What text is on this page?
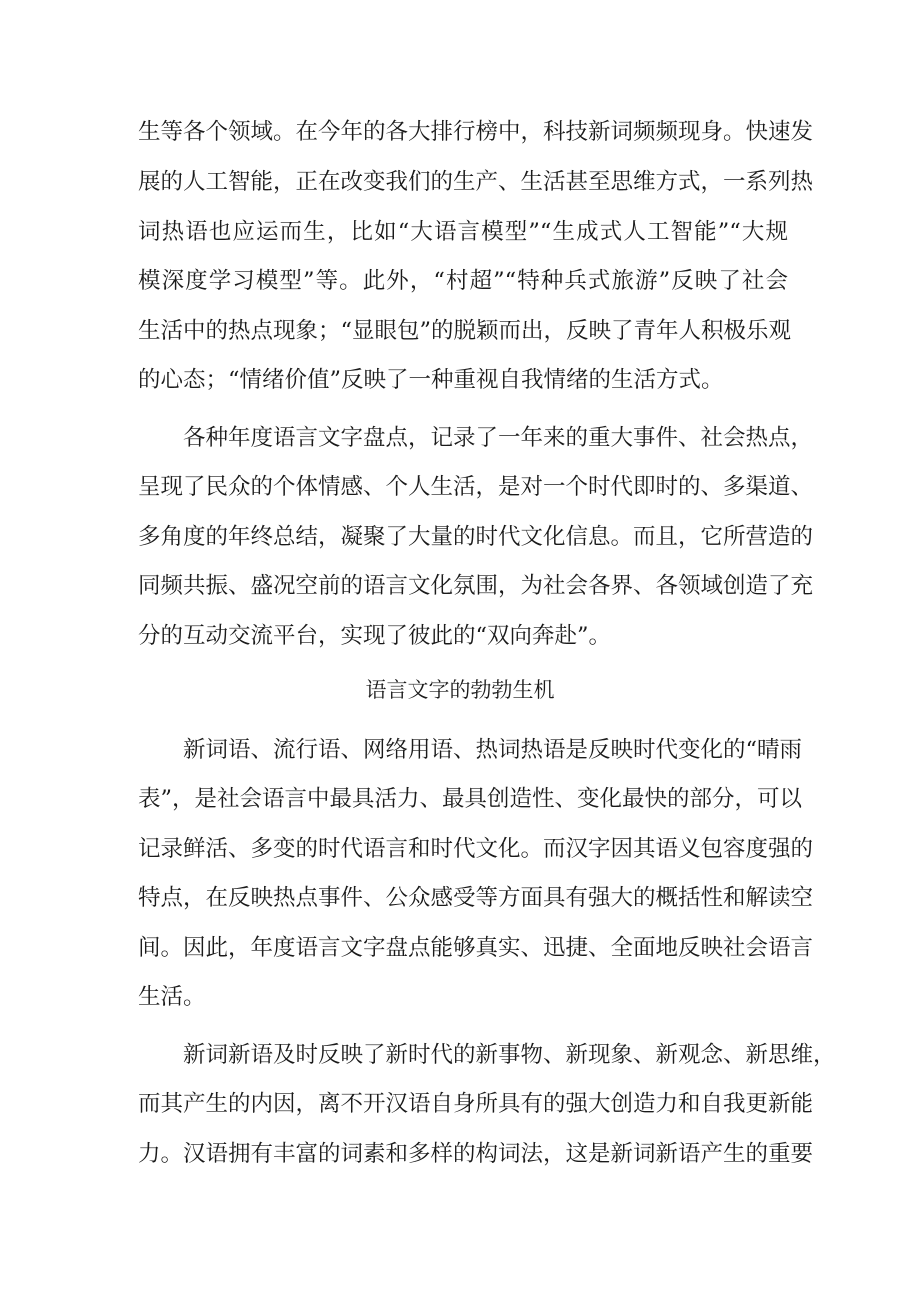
生等各个领域。在今年的各大排行榜中，科技新词频频现身。快速发

展的人工智能，正在改变我们的生产、生活甚至思维方式，一系列热

词热语也应运而生，比如“大语言模型”“生成式人工智能”“大规

模深度学习模型”等。此外，“村超”“特种兵式旅游”反映了社会

生活中的热点现象；“显眼包”的脱颖而出，反映了青年人积极乐观

的心态；“情绪价值”反映了一种重视自我情绪的生活方式。

各种年度语言文字盘点，记录了一年来的重大事件、社会热点，

呈现了民众的个体情感、个人生活，是对一个时代即时的、多渠道、

多角度的年终总结，凝聚了大量的时代文化信息。而且，它所营造的

同频共振、盛况空前的语言文化氛围，为社会各界、各领域创造了充

分的互动交流平台，实现了彼此的“双向奔赴”。

语言文字的勃勃生机

新词语、流行语、网络用语、热词热语是反映时代变化的“晴雨

表”，是社会语言中最具活力、最具创造性、变化最快的部分，可以

记录鲜活、多变的时代语言和时代文化。而汉字因其语义包容度强的

特点，在反映热点事件、公众感受等方面具有强大的概括性和解读空

间。因此，年度语言文字盘点能够真实、迅捷、全面地反映社会语言

生活。

新词新语及时反映了新时代的新事物、新现象、新观念、新思维，

而其产生的内因，离不开汉语自身所具有的强大创造力和自我更新能

力。汉语拥有丰富的词素和多样的构词法，这是新词新语产生的重要
